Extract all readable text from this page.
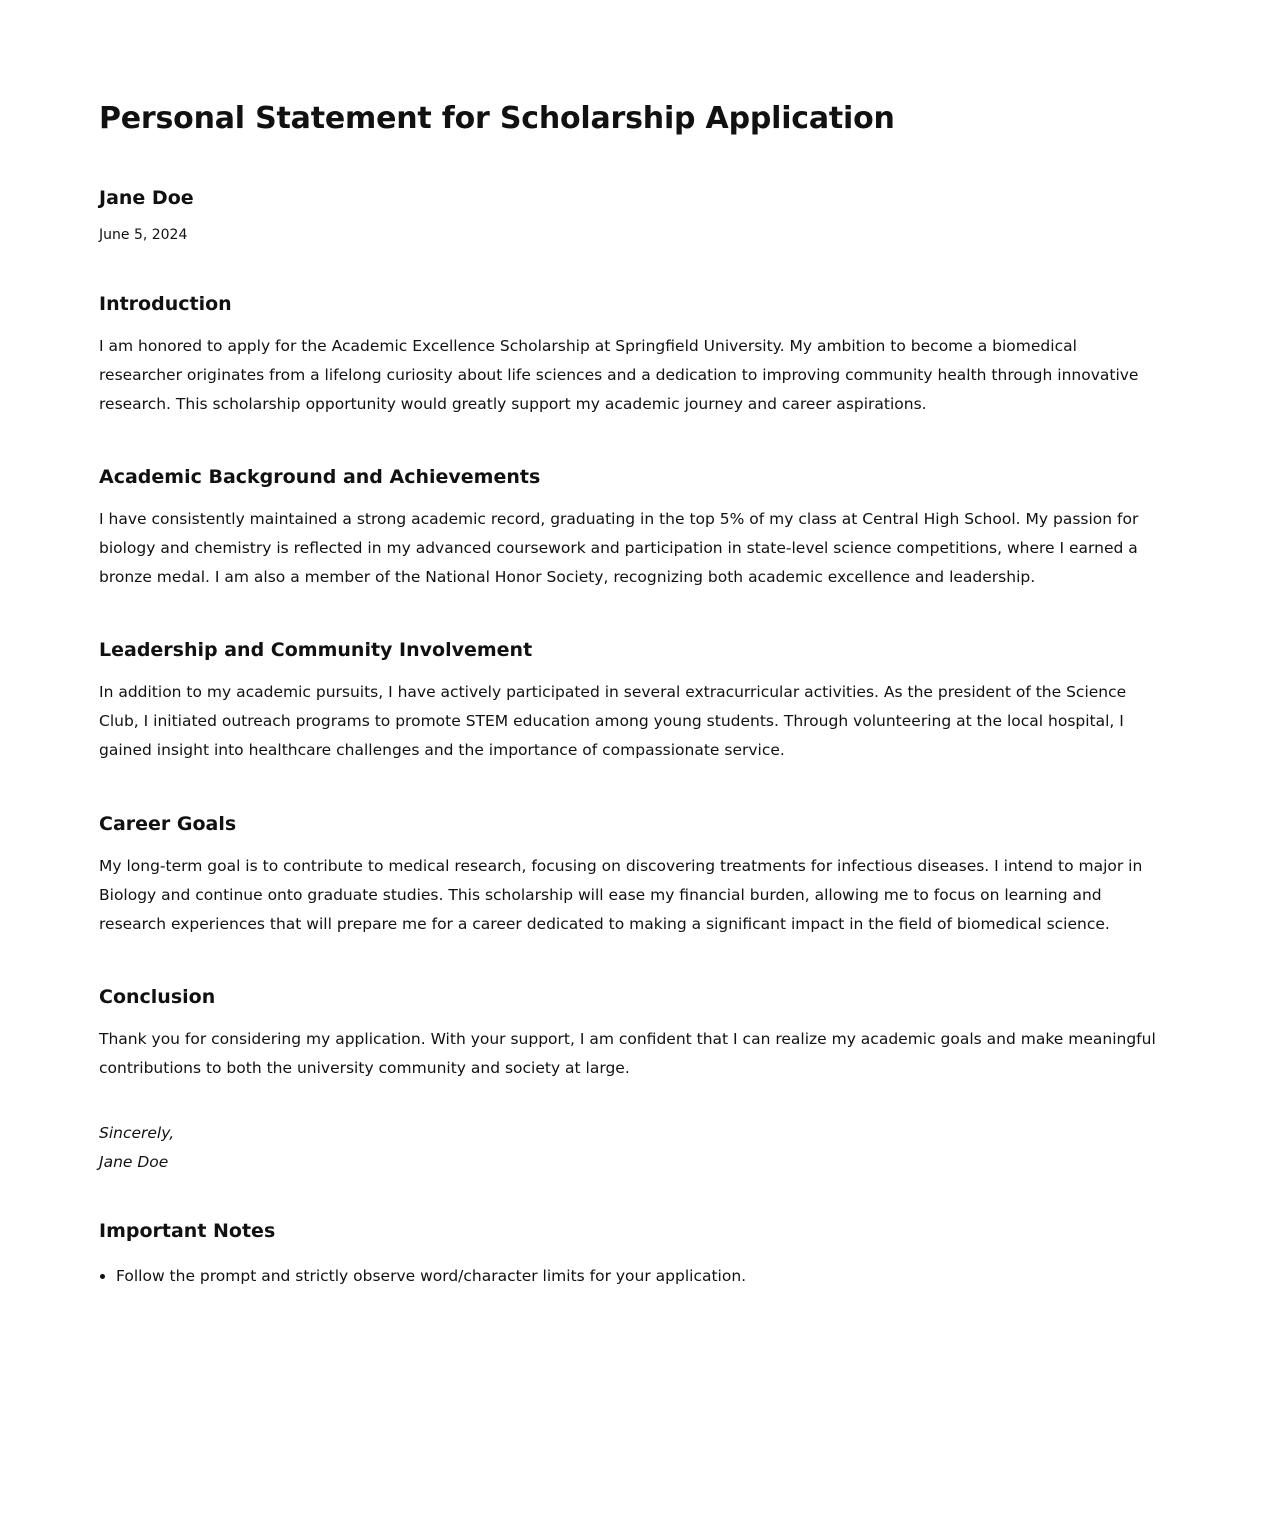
Personal Statement for Scholarship Application
Jane Doe

June 5, 2024

Introduction

I am honored to apply for the Academic Excellence Scholarship at Springfield University. My ambition to become a biomedical researcher originates from a lifelong curiosity about life sciences and a dedication to improving community health through innovative research. This scholarship opportunity would greatly support my academic journey and career aspirations.

Academic Background and Achievements

I have consistently maintained a strong academic record, graduating in the top 5% of my class at Central High School. My passion for biology and chemistry is reflected in my advanced coursework and participation in state-level science competitions, where I earned a bronze medal. I am also a member of the National Honor Society, recognizing both academic excellence and leadership.

Leadership and Community Involvement

In addition to my academic pursuits, I have actively participated in several extracurricular activities. As the president of the Science Club, I initiated outreach programs to promote STEM education among young students. Through volunteering at the local hospital, I gained insight into healthcare challenges and the importance of compassionate service.

Career Goals

My long-term goal is to contribute to medical research, focusing on discovering treatments for infectious diseases. I intend to major in Biology and continue onto graduate studies. This scholarship will ease my financial burden, allowing me to focus on learning and research experiences that will prepare me for a career dedicated to making a significant impact in the field of biomedical science.

Conclusion

Thank you for considering my application. With your support, I am confident that I can realize my academic goals and make meaningful contributions to both the university community and society at large.

Sincerely,
Jane Doe
Important Notes
• Follow the prompt and strictly observe word/character limits for your application.
